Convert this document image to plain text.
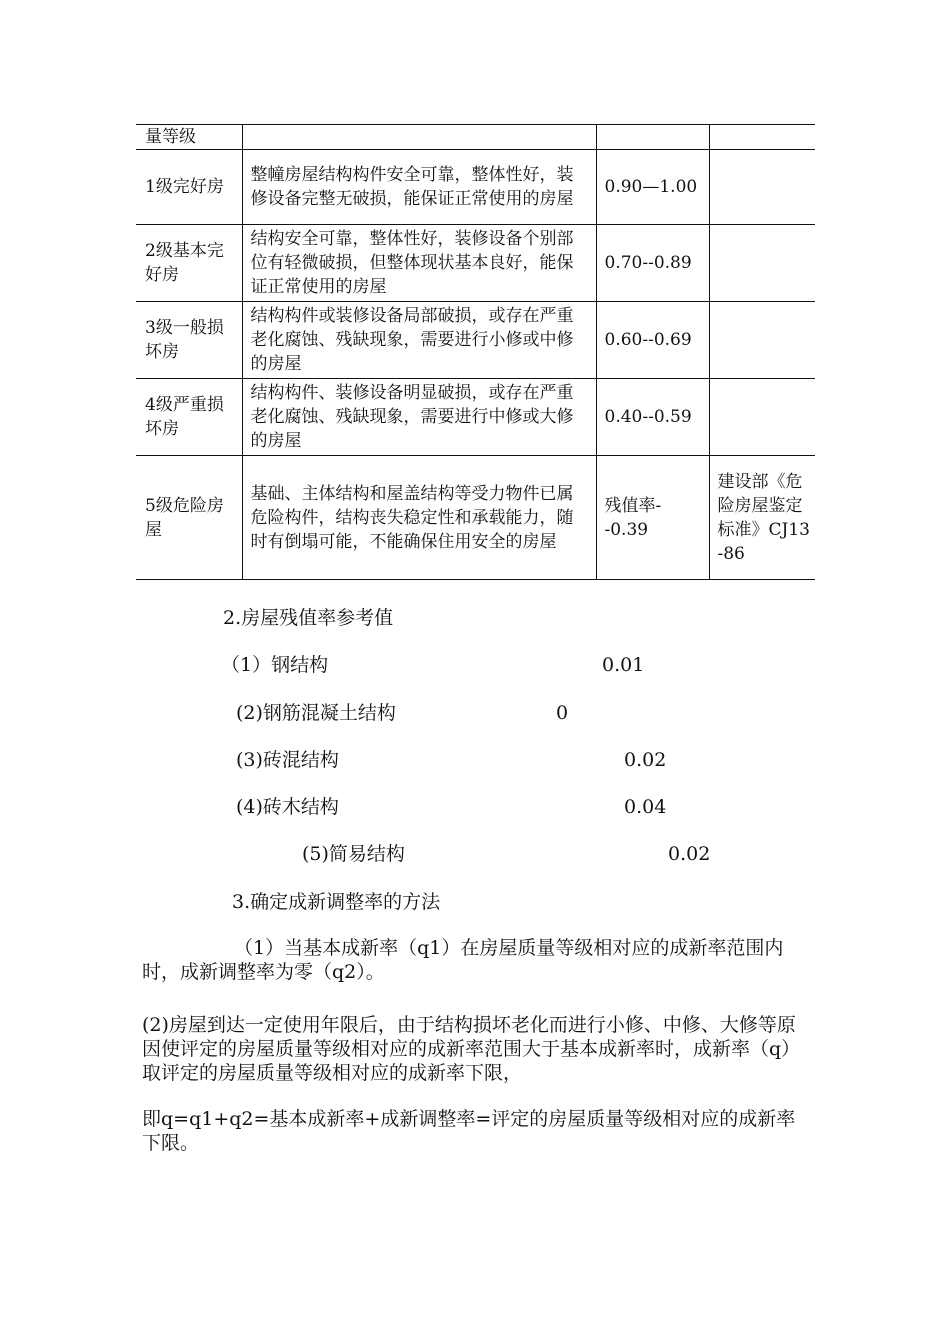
量等级			
1级完好房	整幢房屋结构构件安全可靠，整体性好，装修设备完整无破损，能保证正常使用的房屋	0.90—1.00	
2级基本完好房	结构安全可靠，整体性好，装修设备个别部位有轻微破损，但整体现状基本良好，能保证正常使用的房屋	0.70--0.89	
3级一般损坏房	结构构件或装修设备局部破损，或存在严重老化腐蚀、残缺现象，需要进行小修或中修的房屋	0.60--0.69	
4级严重损坏房	结构构件、装修设备明显破损，或存在严重老化腐蚀、残缺现象，需要进行中修或大修的房屋	0.40--0.59	
5级危险房屋	基础、主体结构和屋盖结构等受力物件已属危险构件，结构丧失稳定性和承载能力，随时有倒塌可能，不能确保住用安全的房屋	残值率--0.39	建设部《危险房屋鉴定标准》CJ13-86
2.房屋残值率参考值
（1）钢结构	0.01
(2)钢筋混凝土结构	0
(3)砖混结构	0.02
(4)砖木结构	0.04
(5)简易结构	0.02
3.确定成新调整率的方法
（1）当基本成新率（q1）在房屋质量等级相对应的成新率范围内时，成新调整率为零（q2）。
(2)房屋到达一定使用年限后，由于结构损坏老化而进行小修、中修、大修等原因使评定的房屋质量等级相对应的成新率范围大于基本成新率时，成新率（q）取评定的房屋质量等级相对应的成新率下限，
即q=q1+q2=基本成新率+成新调整率=评定的房屋质量等级相对应的成新率下限。
